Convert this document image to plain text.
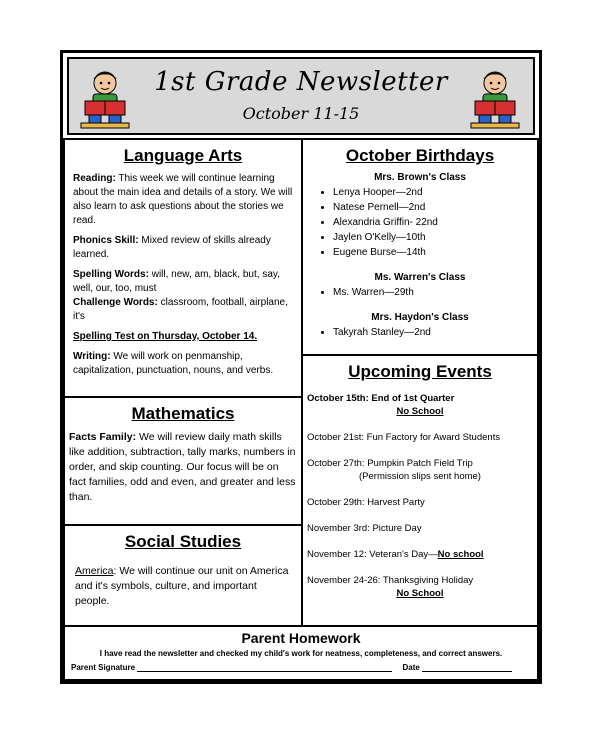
1st Grade Newsletter
October 11-15
Language Arts

Reading: This week we will continue learning about the main idea and details of a story. We will also learn to ask questions about the stories we read.

Phonics Skill: Mixed review of skills already learned.

Spelling Words: will, new, am, black, but, say, well, our, too, must

Challenge Words: classroom, football, airplane, it's

Spelling Test on Thursday, October 14.

Writing: We will work on penmanship, capitalization, punctuation, nouns, and verbs.

Mathematics
Facts Family: We will review daily math skills like addition, subtraction, tally marks, numbers in order, and skip counting. Our focus will be on fact families, odd and even, and greater and less than.
Social Studies
America: We will continue our unit on America and it's symbols, culture, and important people.
October Birthdays
Mrs. Brown's Class
• Lenya Hooper—2nd
• Natese Pernell—2nd
• Alexandria Griffin- 22nd
• Jaylen O'Kelly—10th
• Eugene Burse—14th
Ms. Warren's Class
• Ms. Warren—29th
Mrs. Haydon's Class
• Takyrah Stanley—2nd
Upcoming Events
October 15th: End of 1st Quarter
No School
October 21st: Fun Factory for Award Students
October 27th: Pumpkin Patch Field Trip
(Permission slips sent home)
October 29th: Harvest Party
November 3rd: Picture Day
November 12: Veteran's Day—No school
November 24-26: Thanksgiving Holiday
No School
Parent Homework
I have read the newsletter and checked my child's work for neatness, completeness, and correct answers.
Parent Signature	Date
